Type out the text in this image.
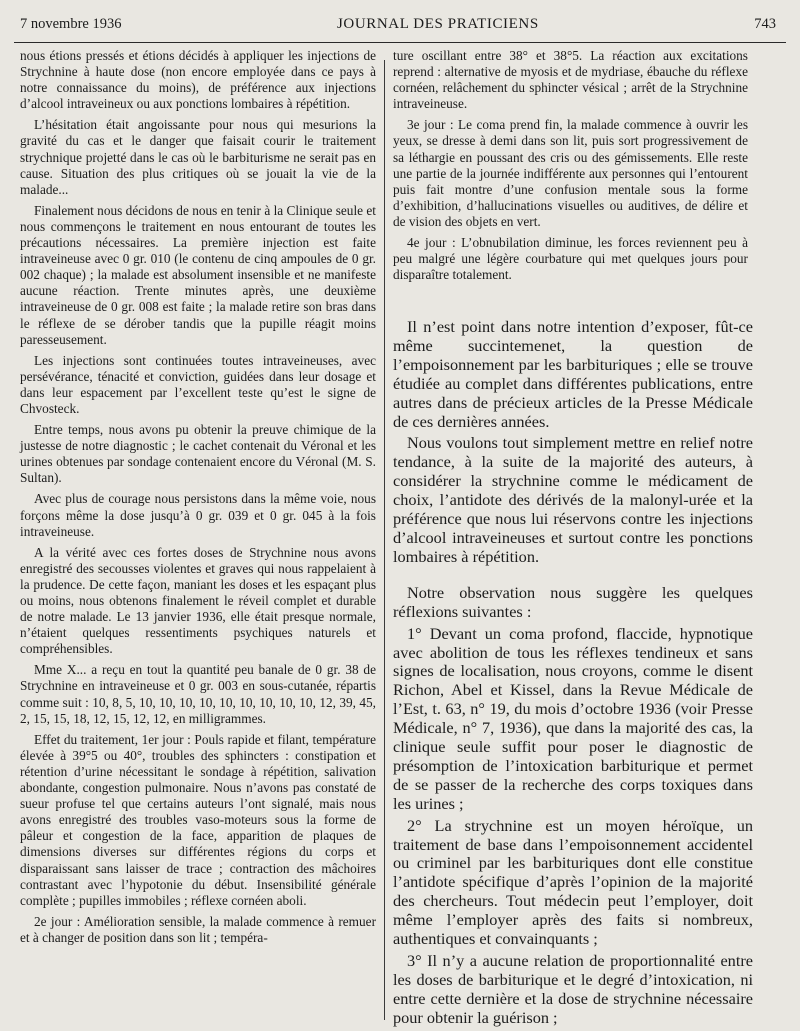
7 novembre 1936	JOURNAL DES PRATICIENS	743

nous étions pressés et étions décidés à appliquer les injections de Strychnine à haute dose (non encore employée dans ce pays à notre connaissance du moins), de préférence aux injections d’alcool intraveineux ou aux ponctions lombaires à répétition.

L’hésitation était angoissante pour nous qui mesurions la gravité du cas et le danger que faisait courir le traitement strychnique projetté dans le cas où le barbiturisme ne serait pas en cause. Situation des plus critiques où se jouait la vie de la malade...

Finalement nous décidons de nous en tenir à la Clinique seule et nous commençons le traitement en nous entourant de toutes les précautions nécessaires. La première injection est faite intraveineuse avec 0 gr. 010 (le contenu de cinq ampoules de 0 gr. 002 chaque) ; la malade est absolument insensible et ne manifeste aucune réaction. Trente minutes après, une deuxième intraveineuse de 0 gr. 008 est faite ; la malade retire son bras dans le réflexe de se dérober tandis que la pupille réagit moins paresseusement.

Les injections sont continuées toutes intraveineuses, avec persévérance, ténacité et conviction, guidées dans leur dosage et dans leur espacement par l’excellent teste qu’est le signe de Chvosteck.

Entre temps, nous avons pu obtenir la preuve chimique de la justesse de notre diagnostic ; le cachet contenait du Véronal et les urines obtenues par sondage contenaient encore du Véronal (M. S. Sultan).

Avec plus de courage nous persistons dans la même voie, nous forçons même la dose jusqu’à 0 gr. 039 et 0 gr. 045 à la fois intraveineuse.

A la vérité avec ces fortes doses de Strychnine nous avons enregistré des secousses violentes et graves qui nous rappelaient à la prudence. De cette façon, maniant les doses et les espaçant plus ou moins, nous obtenons finalement le réveil complet et durable de notre malade. Le 13 janvier 1936, elle était presque normale, n’étaient quelques ressentiments psychiques naturels et compréhensibles.

Mme X... a reçu en tout la quantité peu banale de 0 gr. 38 de Strychnine en intraveineuse et 0 gr. 003 en sous-cutanée, répartis comme suit : 10, 8, 5, 10, 10, 10, 10, 10, 10, 10, 10, 10, 12, 39, 45, 2, 15, 15, 18, 12, 15, 12, 12, en milligrammes.

Effet du traitement, 1er jour : Pouls rapide et filant, température élevée à 39°5 ou 40°, troubles des sphincters : constipation et rétention d’urine nécessitant le sondage à répétition, salivation abondante, congestion pulmonaire. Nous n’avons pas constaté de sueur profuse tel que certains auteurs l’ont signalé, mais nous avons enregistré des troubles vaso-moteurs sous la forme de pâleur et congestion de la face, apparition de plaques de dimensions diverses sur différentes régions du corps et disparaissant sans laisser de trace ; contraction des mâchoires contrastant avec l’hypotonie du début. Insensibilité générale complète ; pupilles immobiles ; réflexe cornéen aboli.

2e jour : Amélioration sensible, la malade commence à remuer et à changer de position dans son lit ; tempéra-

ture oscillant entre 38° et 38°5. La réaction aux excitations reprend : alternative de myosis et de mydriase, ébauche du réflexe cornéen, relâchement du sphincter vésical ; arrêt de la Strychnine intraveineuse.

3e jour : Le coma prend fin, la malade commence à ouvrir les yeux, se dresse à demi dans son lit, puis sort progressivement de sa léthargie en poussant des cris ou des gémissements. Elle reste une partie de la journée indifférente aux personnes qui l’entourent puis fait montre d’une confusion mentale sous la forme d’exhibition, d’hallucinations visuelles ou auditives, de délire et de vision des objets en vert.

4e jour : L’obnubilation diminue, les forces reviennent peu à peu malgré une légère courbature qui met quelques jours pour disparaître totalement.

Il n’est point dans notre intention d’exposer, fût-ce même succintemenet, la question de l’empoisonnement par les barbituriques ; elle se trouve étudiée au complet dans différentes publications, entre autres dans de précieux articles de la Presse Médicale de ces dernières années.

Nous voulons tout simplement mettre en relief notre tendance, à la suite de la majorité des auteurs, à considérer la strychnine comme le médicament de choix, l’antidote des dérivés de la malonyl-urée et la préférence que nous lui réservons contre les injections d’alcool intraveineuses et surtout contre les ponctions lombaires à répétition.

Notre observation nous suggère les quelques réflexions suivantes :

1° Devant un coma profond, flaccide, hypnotique avec abolition de tous les réflexes tendineux et sans signes de localisation, nous croyons, comme le disent Richon, Abel et Kissel, dans la Revue Médicale de l’Est, t. 63, n° 19, du mois d’octobre 1936 (voir Presse Médicale, n° 7, 1936), que dans la majorité des cas, la clinique seule suffit pour poser le diagnostic de présomption de l’intoxication barbiturique et permet de se passer de la recherche des corps toxiques dans les urines ;

2° La strychnine est un moyen héroïque, un traitement de base dans l’empoisonnement accidentel ou criminel par les barbituriques dont elle constitue l’antidote spécifique d’après l’opinion de la majorité des chercheurs. Tout médecin peut l’employer, doit même l’employer après des faits si nombreux, authentiques et convainquants ;

3° Il n’y a aucune relation de proportionnalité entre les doses de barbiturique et le degré d’intoxication, ni entre cette dernière et la dose de strychnine nécessaire pour obtenir la guérison ;
